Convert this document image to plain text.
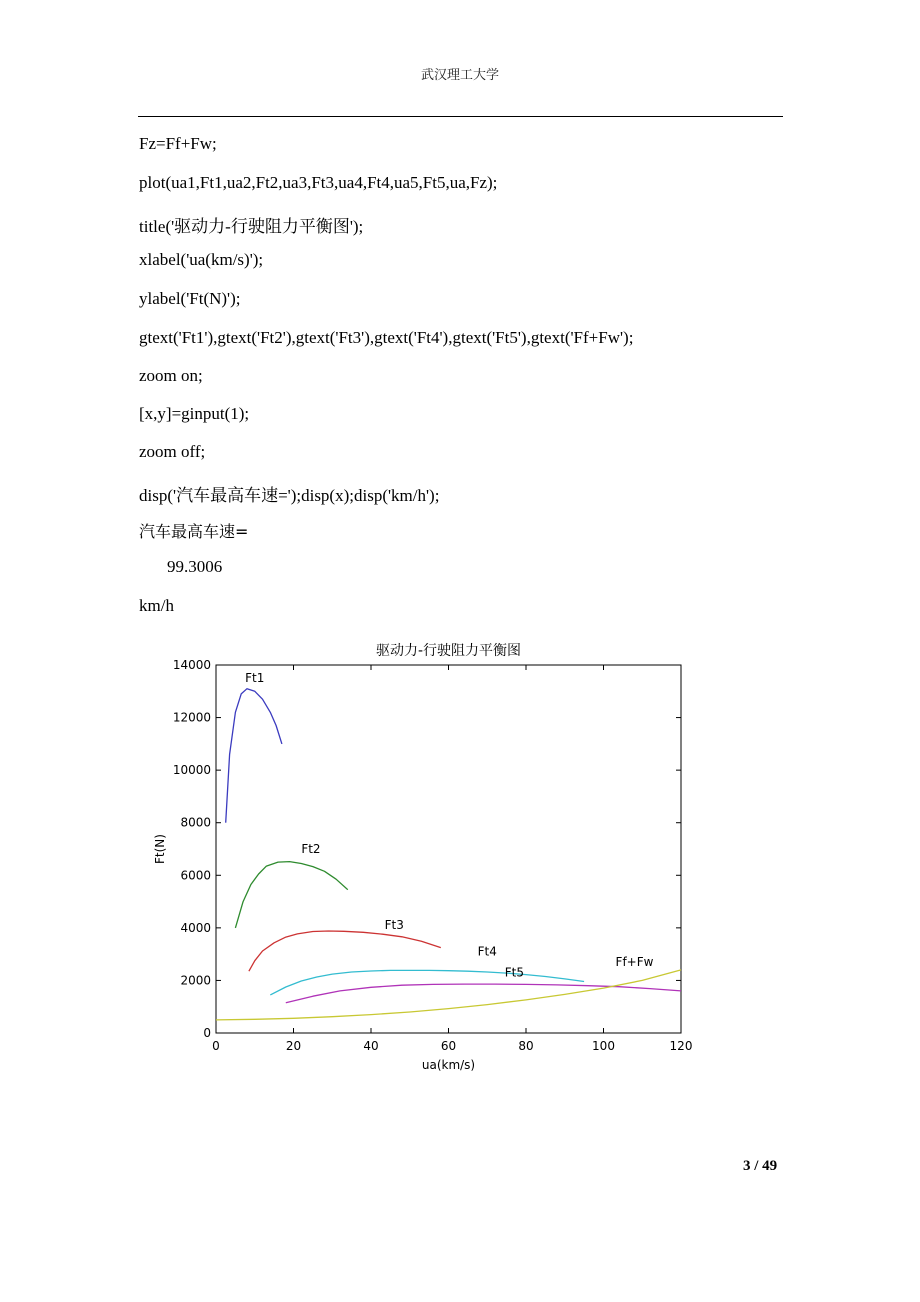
武汉理工大学
Fz=Ff+Fw;
plot(ua1,Ft1,ua2,Ft2,ua3,Ft3,ua4,Ft4,ua5,Ft5,ua,Fz);
title('驱动力-行驶阻力平衡图');
xlabel('ua(km/s)');
ylabel('Ft(N)');
gtext('Ft1'),gtext('Ft2'),gtext('Ft3'),gtext('Ft4'),gtext('Ft5'),gtext('Ff+Fw');
zoom on;
[x,y]=ginput(1);
zoom off;
disp('汽车最高车速=');disp(x);disp('km/h');
汽车最高车速=
99.3006
km/h
0	20	40	60	80	100	120
0
2000
4000
6000
8000
10000
12000
14000
Ft1
Ft2
Ft3
Ft4
Ft5
Ff+Fw
驱动力-行驶阻力平衡图
ua(km/s)
Ft(N)
3 / 49
